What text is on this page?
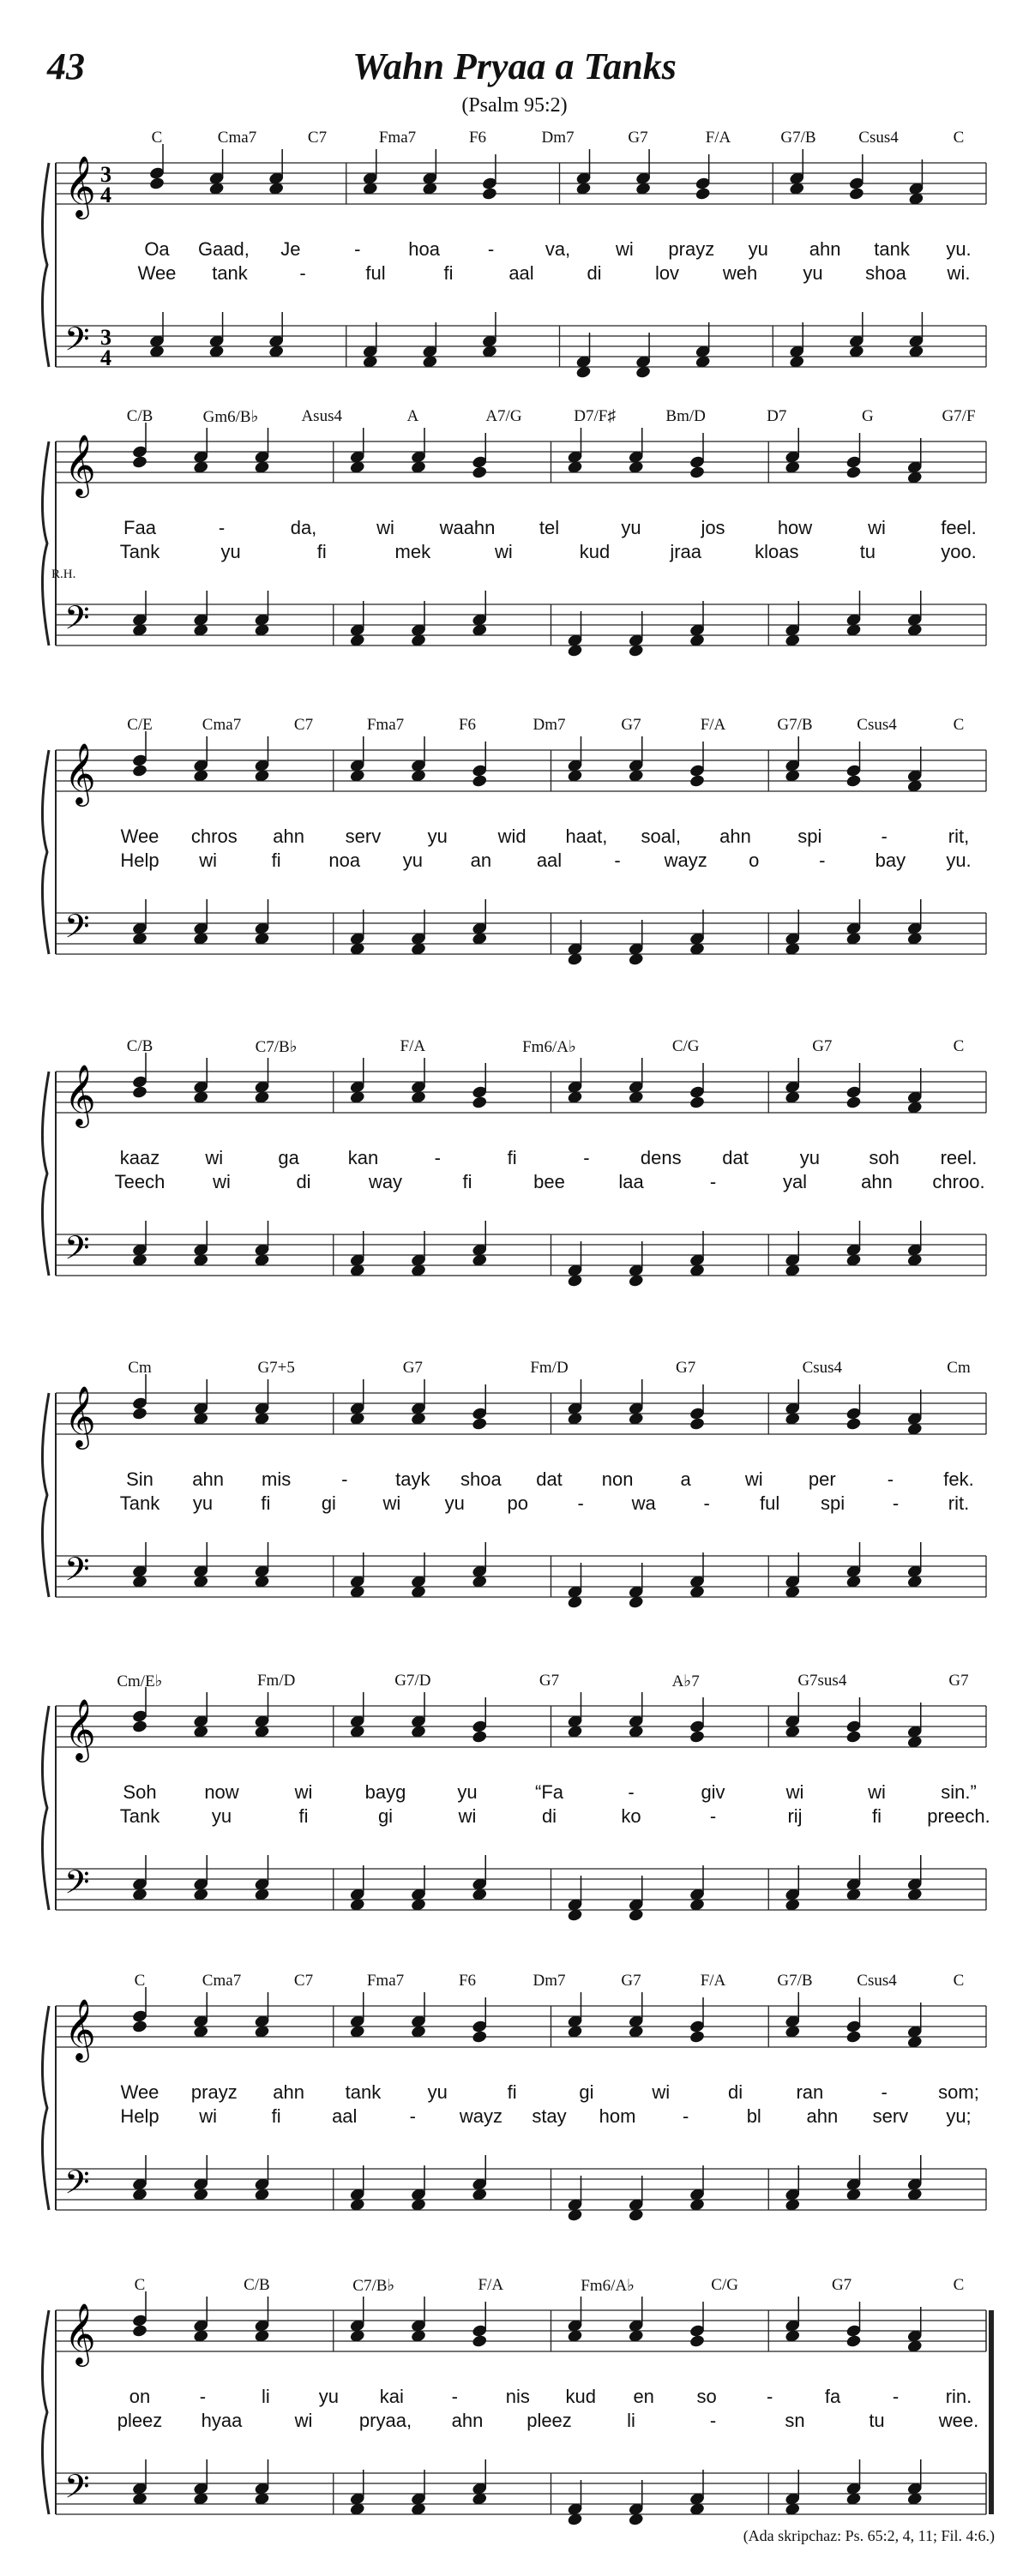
43	Wahn Pryaa a Tanks
(Psalm 95:2)
𝄞
𝄢
3
4
3
4
C	Cma7	C7	Fma7	F6	Dm7	G7	F/A	G7/B	Csus4	C
Oa Gaad, Je	-	hoa	-	va, wi prayz yu ahn tank yu.
Wee tank	-	ful	fi	aal	di	lov weh yu shoa wi.
𝄞
𝄢
C/B	Gm6/B♭	Asus4	A	A7/G	D7/F♯	Bm/D	D7	G	G7/F
Faa	-	da,	wi waahn tel	yu	jos	how	wi	feel.
Tank	yu	fi	mek	wi	kud	jraa	kloas	tu	yoo.
R.H.
𝄞
𝄢
C/E	Cma7	C7	Fma7	F6	Dm7	G7	F/A	G7/B	Csus4	C
Wee chros ahn serv yu	wid haat, soal, ahn spi	-	rit,
Help wi	fi	noa yu	an aal	- wayz o	-	bay yu.
𝄞
𝄢
C/B	C7/B♭	F/A	Fm6/A♭	C/G	G7	C
kaaz wi	ga	kan	-	fi	-	dens dat	yu	soh reel.
Teech	wi	di	way	fi	bee	laa	-	yal	ahn chroo.
𝄞
𝄢
Cm	G7+5	G7	Fm/D	G7	Csus4	Cm
Sin ahn mis	-	tayk shoa dat non	a	wi per	-	fek.
Tank yu	fi	gi wi yu po	-	wa	-	ful spi	-	rit.
𝄞
𝄢
Cm/E♭	Fm/D	G7/D	G7	A♭7	G7sus4	G7
Soh	now	wi	bayg	yu	“Fa	-	giv	wi	wi	sin.”
Tank	yu	fi	gi	wi	di	ko	-	rij	fi preech.
𝄞
𝄢
C	Cma7	C7	Fma7	F6	Dm7	G7	F/A	G7/B	Csus4	C
Wee prayz ahn tank yu	fi	gi	wi	di	ran	-	som;
Help wi	fi	aal	- wayz stay hom -	bl ahn serv yu;
𝄞
𝄢
C	C/B	C7/B♭	F/A	Fm6/A♭	C/G	G7	C
on	-	li	yu kai	-	nis kud en so	-	fa	- rin.
pleez hyaa	wi pryaa, ahn pleez	li	-	sn	tu	wee.
(Ada skripchaz: Ps. 65:2, 4, 11; Fil. 4:6.)
